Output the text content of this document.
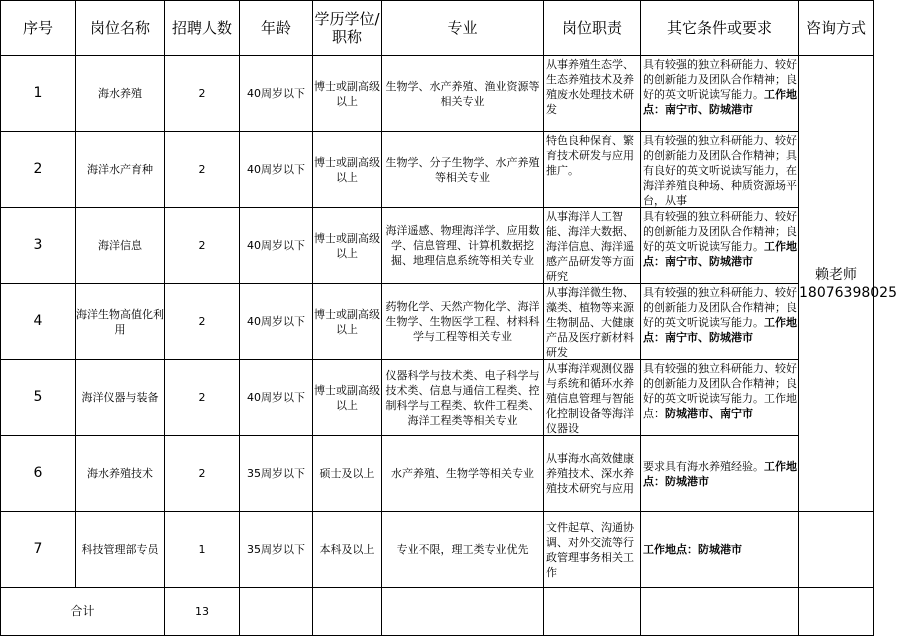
序号	岗位名称	招聘人数	年龄	学历学位/职称	专业	岗位职责	其它条件或要求	咨询方式
1	海水养殖	2	40周岁以下	博士或副高级以上	生物学、水产养殖、渔业资源等相关专业	从事养殖生态学、生态养殖技术及养殖废水处理技术研发	具有较强的独立科研能力、较好的创新能力及团队合作精神；良好的英文听说读写能力。工作地点：南宁市、防城港市	赖老师18076398025
2	海洋水产育种	2	40周岁以下	博士或副高级以上	生物学、分子生物学、水产养殖等相关专业	特色良种保育、繁育技术研发与应用推广。	具有较强的独立科研能力、较好的创新能力及团队合作精神；具有良好的英文听说读写能力，在海洋养殖良种场、种质资源场平台，从事	

3	海洋信息	2	40周岁以下	博士或副高级以上	海洋遥感、物理海洋学、应用数学、信息管理、计算机数据挖掘、地理信息系统等相关专业	从事海洋人工智能、海洋大数据、海洋信息、海洋遥感产品研发等方面研究	具有较强的独立科研能力、较好的创新能力及团队合作精神；良好的英文听说读写能力。工作地点：南宁市、防城港市	

4	海洋生物高值化利用	2	40周岁以下	博士或副高级以上	药物化学、天然产物化学、海洋生物学、生物医学工程、材料科学与工程等相关专业	从事海洋微生物、藻类、植物等来源生物制品、大健康产品及医疗新材料研发	具有较强的独立科研能力、较好的创新能力及团队合作精神；良好的英文听说读写能力。工作地点：南宁市、防城港市	

5	海洋仪器与装备	2	40周岁以下	博士或副高级以上	仪器科学与技术类、电子科学与技术类、信息与通信工程类、控制科学与工程类、软件工程类、海洋工程类等相关专业	从事海洋观测仪器与系统和循环水养殖信息管理与智能化控制设备等海洋仪器设	具有较强的独立科研能力、较好的创新能力及团队合作精神；良好的英文听说读写能力。工作地点：防城港市、南宁市	

6	海水养殖技术	2	35周岁以下	硕士及以上	水产养殖、生物学等相关专业	从事海水高效健康养殖技术、深水养殖技术研究与应用	要求具有海水养殖经验。工作地点：防城港市	

7	科技管理部专员	1	35周岁以下	本科及以上	专业不限，理工类专业优先	文件起草、沟通协调、对外交流等行政管理事务相关工作	工作地点：防城港市	

合计		13						
